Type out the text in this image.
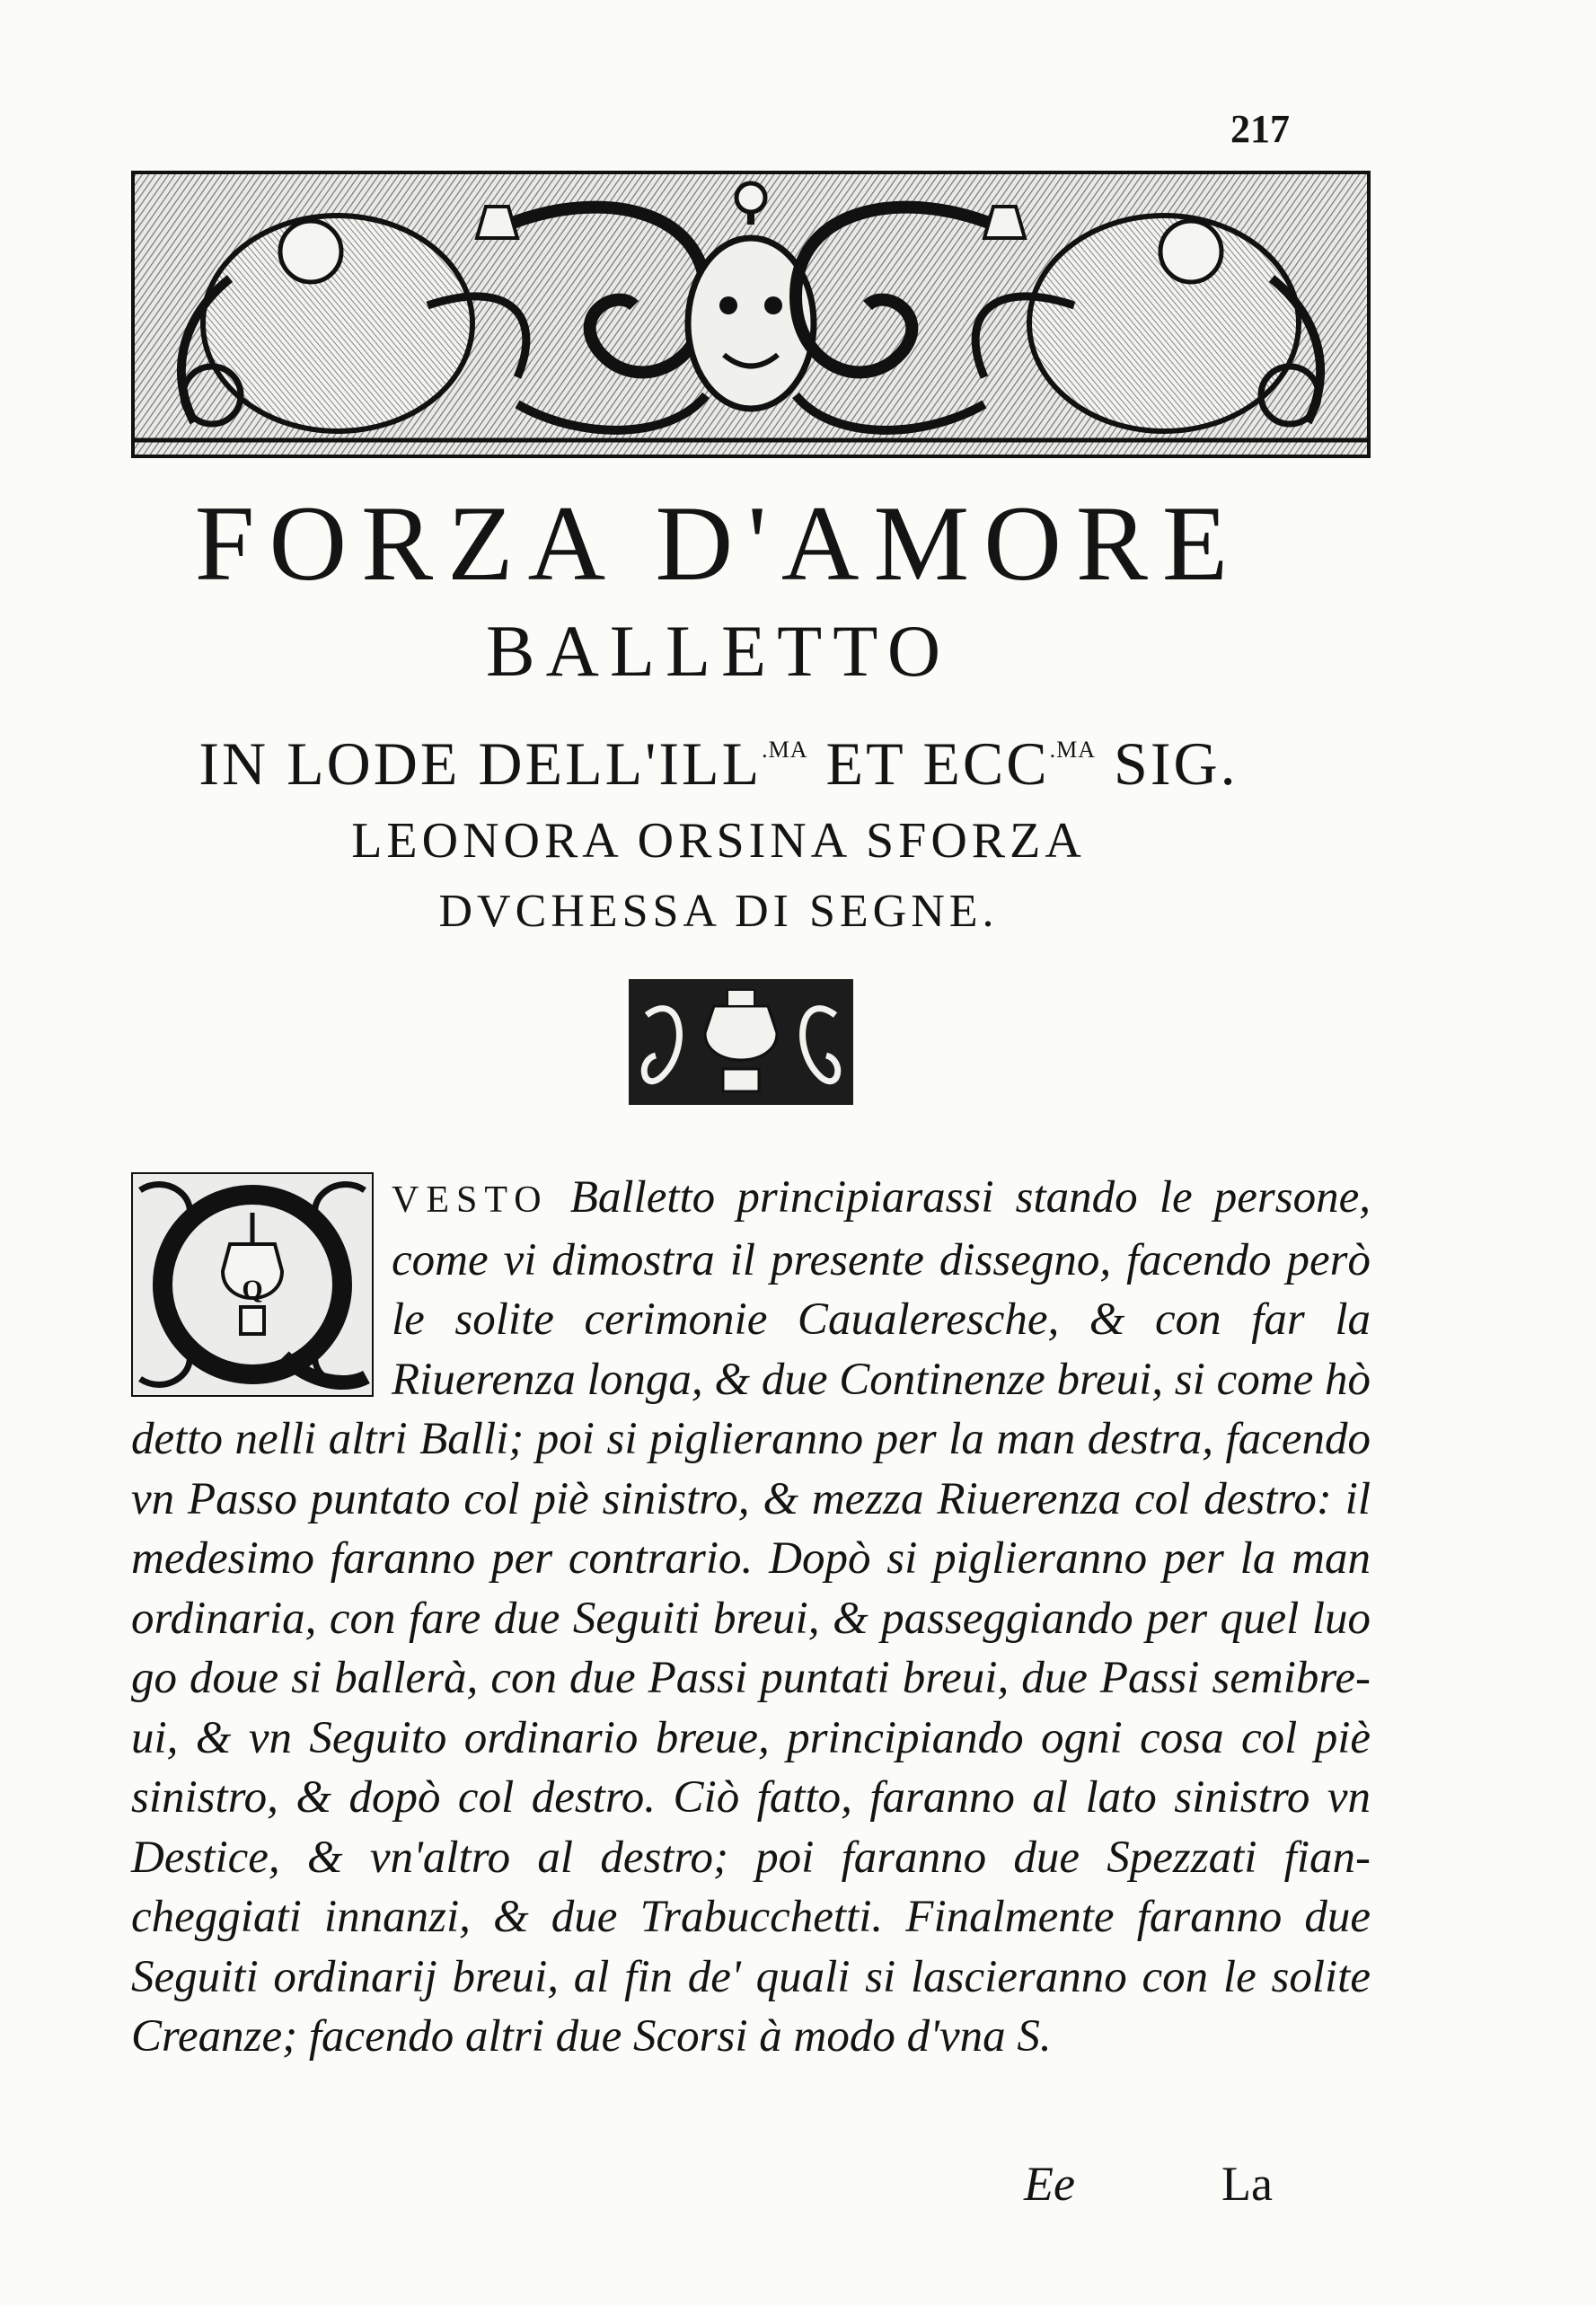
217
FORZA D'AMORE
BALLETTO
IN LODE $DELL'ILL^{.MA}$ ET $ECC^{.MA}$ SIG.
LEONORA ORSINA SFORZA
DVCHESSA DI SEGNE.
Q
VESTO Balletto principiarassi stando le persone, come vi dimostra il presente dissegno, facendo però le solite cerimonie Caualeresche, & con far la Riuerenza longa, & due Continenze breui, si come hò detto nelli altri Balli; poi si piglieranno per la man destra, facendo vn Passo puntato col piè sinistro, & mezza Riuerenza col destro: il medesimo faranno per contrario. Dopò si piglieranno per la man ordinaria, con fare due Seguiti breui, & passeggiando per quel luo go doue si ballerà, con due Passi puntati breui, due Passi semibre-ui, & vn Seguito ordinario breue, principiando ogni cosa col piè sinistro, & dopò col destro. Ciò fatto, faranno al lato sinistro vn Destice, & vn'altro al destro; poi faranno due Spezzati fian-cheggiati innanzi, & due Trabucchetti. Finalmente faranno due Seguiti ordinarij breui, al fin de' quali si lascieranno con le solite Creanze; facendo altri due Scorsi à modo d'vna S.
Ee	La
